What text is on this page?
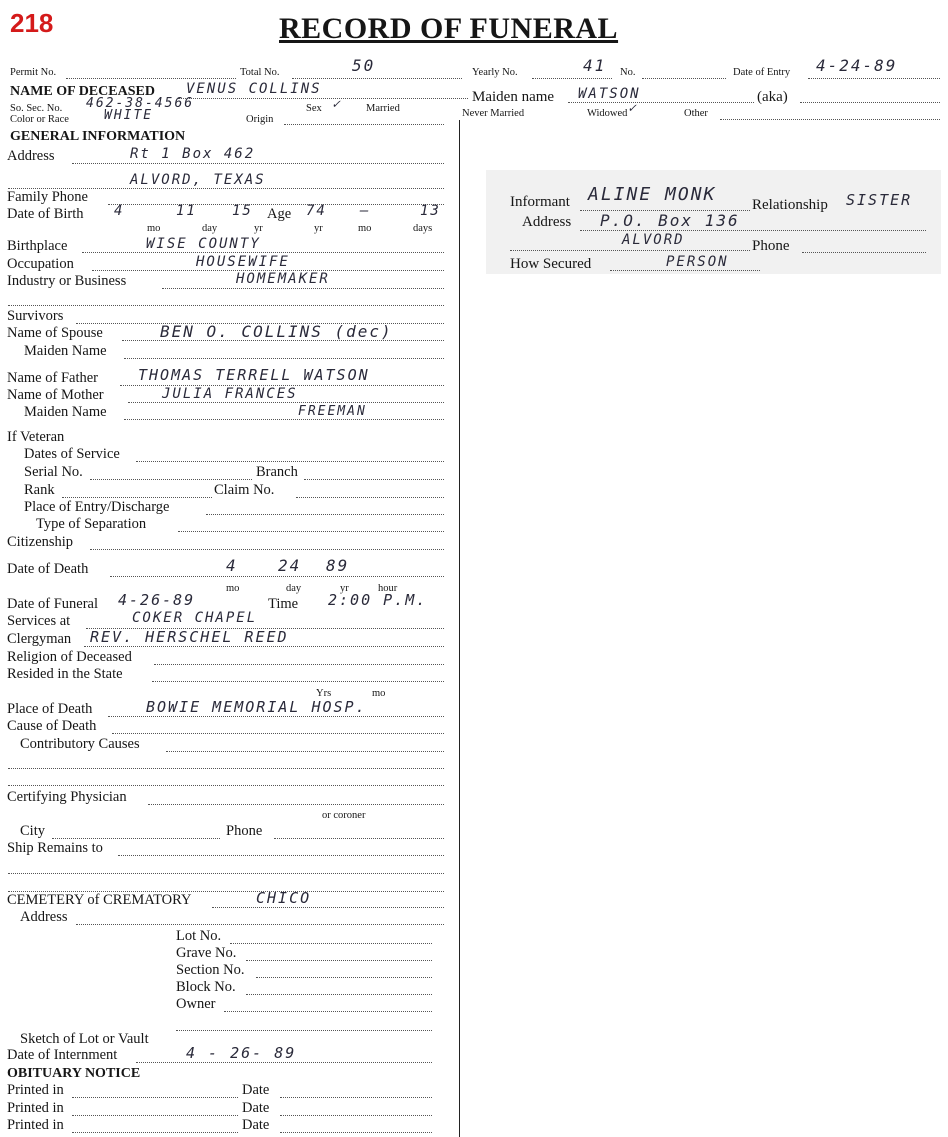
218	RECORD OF FUNERAL
Permit No.	Total No.	50	Yearly No.	41 No.	Date of Entry 4-24-89
NAME OF DECEASED VENUS COLLINS	Maiden name WATSON	(aka)
So. Sec. No. 462-38-4566	Sex ✓ Married	Never Married	Widowed ✓	Other
Color or Race	WHITE	Origin
GENERAL INFORMATION
Address	Rt 1 Box 462
ALVORD, TEXAS
Family Phone
Date of Birth 4	11	15 Age 74 —	13
mo	day	yr	yr	mo	days
Birthplace	WISE COUNTY
Occupation	HOUSEWIFE
Industry or Business	HOMEMAKER
Survivors
Name of Spouse	BEN O. COLLINS (dec)
Maiden Name
Name of Father	THOMAS TERRELL WATSON
Name of Mother	JULIA FRANCES
Maiden Name	FREEMAN
If Veteran
Dates of Service
Serial No.	Branch
Rank	Claim No.
Place of Entry/Discharge
Type of Separation
Citizenship
Date of Death	4	24 89
mo	day	yr	hour
Date of Funeral 4-26-89	Time 2:00 P.M.
Services at	COKER CHAPEL
Clergyman REV. HERSCHEL REED
Religion of Deceased
Resided in the State
Yrs	mo
Place of Death	BOWIE MEMORIAL HOSP.
Cause of Death
Contributory Causes
Certifying Physician
or coroner
City	Phone
Ship Remains to
CEMETERY of CREMATORY	CHICO
Address
Lot No.
Grave No.
Section No.
Block No.
Owner
Sketch of Lot or Vault
Date of Internment	4 - 26- 89
OBITUARY NOTICE
Printed in	Date
Printed in	Date
Printed in	Date
Informant ALINE MONK Relationship SISTER
Address P.O. Box 136
ALVORD	Phone
How Secured	PERSON
